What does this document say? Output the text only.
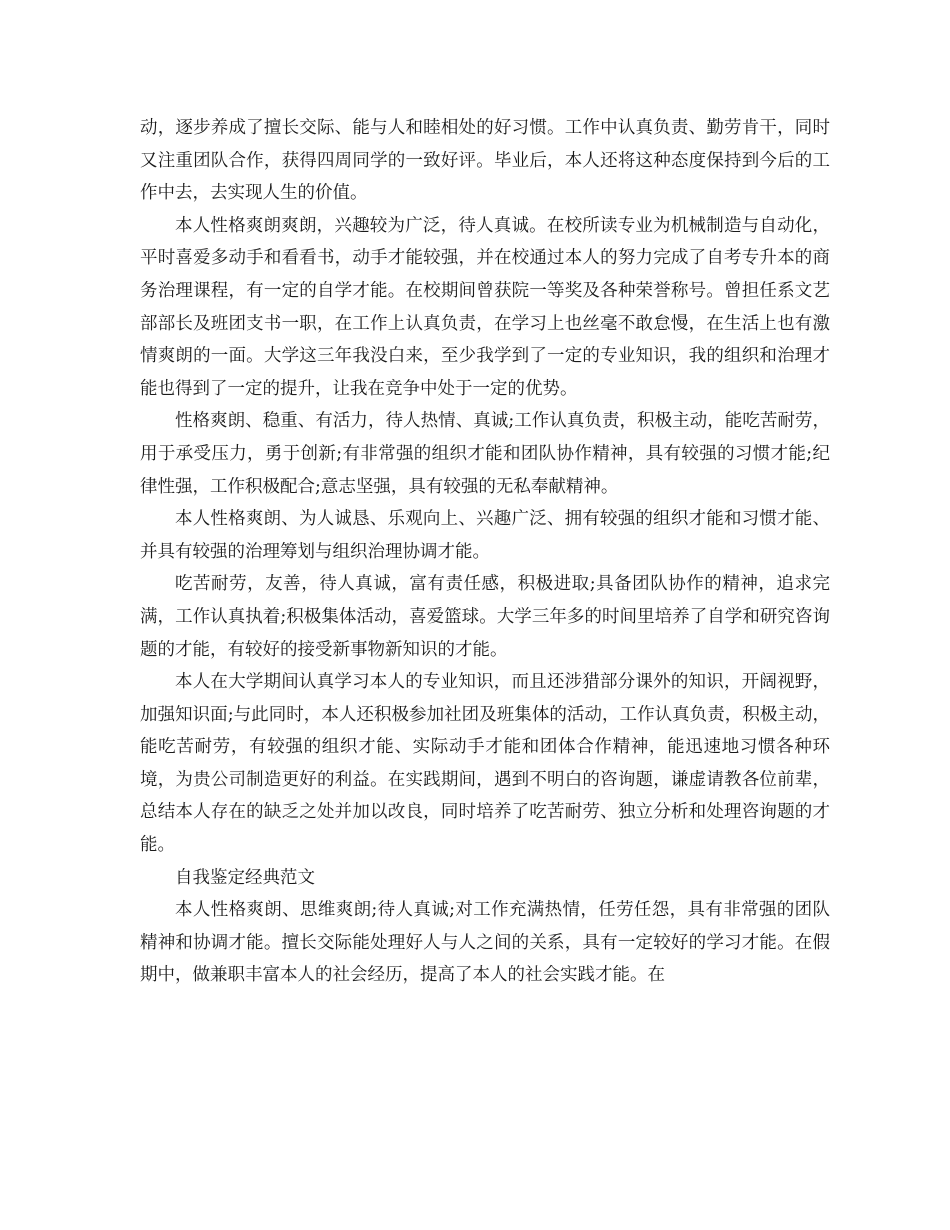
动，逐步养成了擅长交际、能与人和睦相处的好习惯。工作中认真负责、勤劳肯干，同时又注重团队合作，获得四周同学的一致好评。毕业后，本人还将这种态度保持到今后的工作中去，去实现人生的价值。

本人性格爽朗爽朗，兴趣较为广泛，待人真诚。在校所读专业为机械制造与自动化，平时喜爱多动手和看看书，动手才能较强，并在校通过本人的努力完成了自考专升本的商务治理课程，有一定的自学才能。在校期间曾获院一等奖及各种荣誉称号。曾担任系文艺部部长及班团支书一职，在工作上认真负责，在学习上也丝毫不敢怠慢，在生活上也有激情爽朗的一面。大学这三年我没白来，至少我学到了一定的专业知识，我的组织和治理才能也得到了一定的提升，让我在竞争中处于一定的优势。

性格爽朗、稳重、有活力，待人热情、真诚;工作认真负责，积极主动，能吃苦耐劳，用于承受压力，勇于创新;有非常强的组织才能和团队协作精神，具有较强的习惯才能;纪律性强，工作积极配合;意志坚强，具有较强的无私奉献精神。

本人性格爽朗、为人诚恳、乐观向上、兴趣广泛、拥有较强的组织才能和习惯才能、并具有较强的治理筹划与组织治理协调才能。

吃苦耐劳，友善，待人真诚，富有责任感，积极进取;具备团队协作的精神，追求完满，工作认真执着;积极集体活动，喜爱篮球。大学三年多的时间里培养了自学和研究咨询题的才能，有较好的接受新事物新知识的才能。

本人在大学期间认真学习本人的专业知识，而且还涉猎部分课外的知识，开阔视野，加强知识面;与此同时，本人还积极参加社团及班集体的活动，工作认真负责，积极主动，能吃苦耐劳，有较强的组织才能、实际动手才能和团体合作精神，能迅速地习惯各种环境，为贵公司制造更好的利益。在实践期间，遇到不明白的咨询题，谦虚请教各位前辈，总结本人存在的缺乏之处并加以改良，同时培养了吃苦耐劳、独立分析和处理咨询题的才能。

自我鉴定经典范文

本人性格爽朗、思维爽朗;待人真诚;对工作充满热情，任劳任怨，具有非常强的团队精神和协调才能。擅长交际能处理好人与人之间的关系，具有一定较好的学习才能。在假期中，做兼职丰富本人的社会经历，提高了本人的社会实践才能。在
